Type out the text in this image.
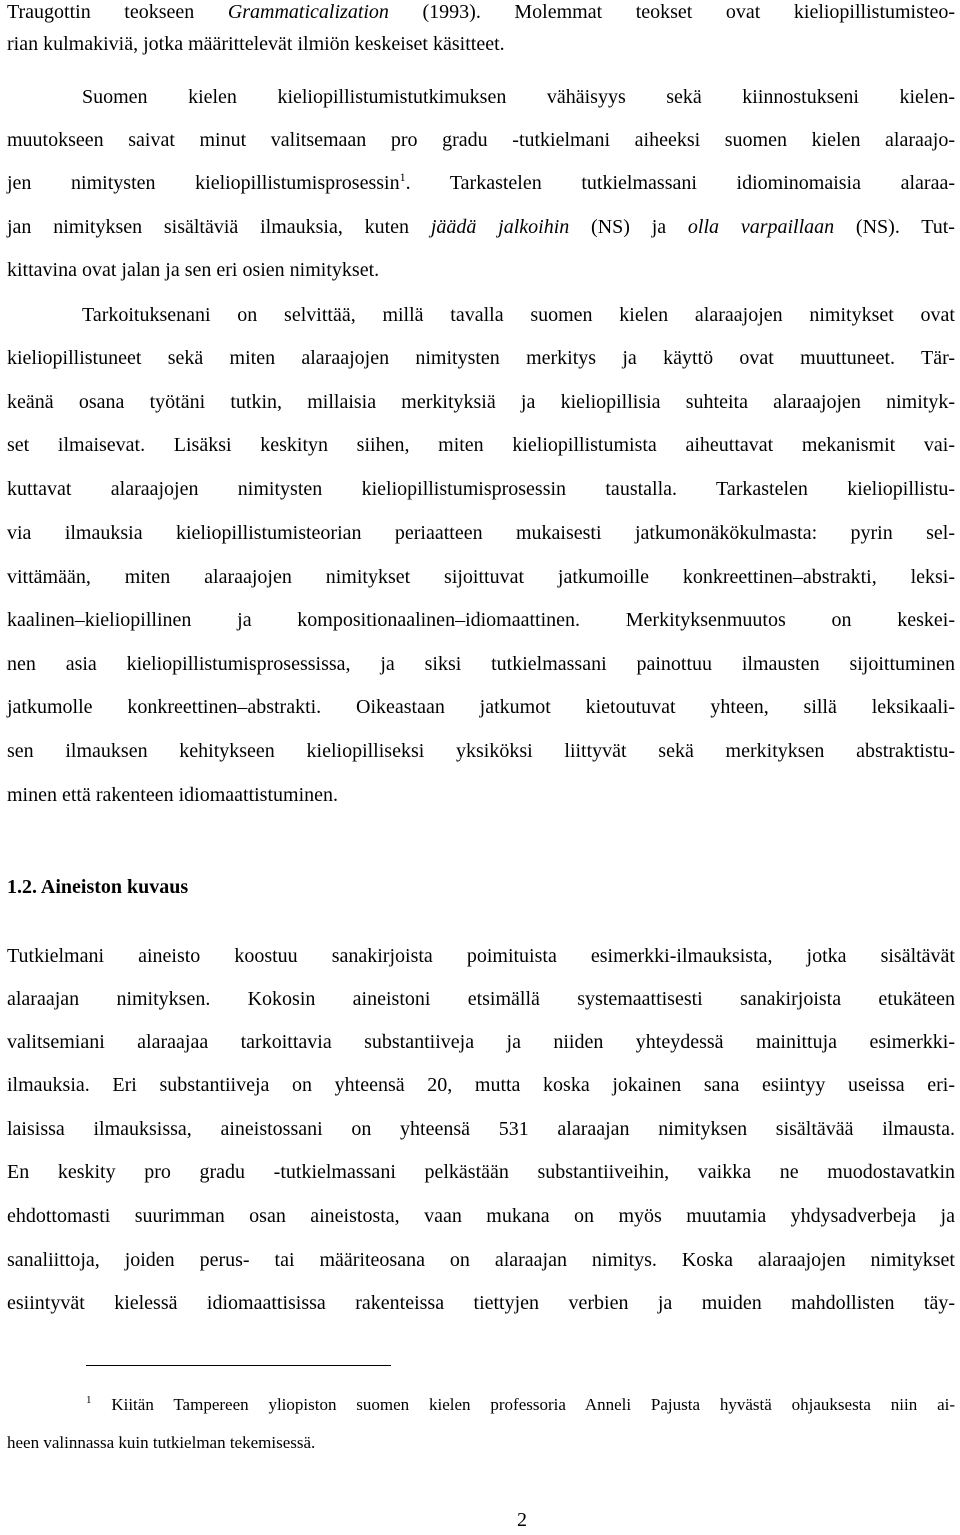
Traugottin teokseen Grammaticalization (1993). Molemmat teokset ovat kieliopillistumisteo-
rian kulmakiviä, jotka määrittelevät ilmiön keskeiset käsitteet.
Suomen kielen kieliopillistumistutkimuksen vähäisyys sekä kiinnostukseni kielen-
muutokseen saivat minut valitsemaan pro gradu -tutkielmani aiheeksi suomen kielen alaraajo-
jen nimitysten kieliopillistumisprosessin$^1$. Tarkastelen tutkielmassani idiominomaisia alaraa-
jan nimityksen sisältäviä ilmauksia, kuten jäädä jalkoihin (NS) ja olla varpaillaan (NS). Tut-
kittavina ovat jalan ja sen eri osien nimitykset.
Tarkoituksenani on selvittää, millä tavalla suomen kielen alaraajojen nimitykset ovat
kieliopillistuneet sekä miten alaraajojen nimitysten merkitys ja käyttö ovat muuttuneet. Tär-
keänä osana työtäni tutkin, millaisia merkityksiä ja kieliopillisia suhteita alaraajojen nimityk-
set ilmaisevat. Lisäksi keskityn siihen, miten kieliopillistumista aiheuttavat mekanismit vai-
kuttavat alaraajojen nimitysten kieliopillistumisprosessin taustalla. Tarkastelen kieliopillistu-
via ilmauksia kieliopillistumisteorian periaatteen mukaisesti jatkumonäkökulmasta: pyrin sel-
vittämään, miten alaraajojen nimitykset sijoittuvat jatkumoille konkreettinen–abstrakti, leksi-
kaalinen–kieliopillinen ja kompositionaalinen–idiomaattinen. Merkityksenmuutos on keskei-
nen asia kieliopillistumisprosessissa, ja siksi tutkielmassani painottuu ilmausten sijoittuminen
jatkumolle konkreettinen–abstrakti. Oikeastaan jatkumot kietoutuvat yhteen, sillä leksikaali-
sen ilmauksen kehitykseen kieliopilliseksi yksiköksi liittyvät sekä merkityksen abstraktistu-
minen että rakenteen idiomaattistuminen.
1.2. Aineiston kuvaus
Tutkielmani aineisto koostuu sanakirjoista poimituista esimerkki-ilmauksista, jotka sisältävät
alaraajan nimityksen. Kokosin aineistoni etsimällä systemaattisesti sanakirjoista etukäteen
valitsemiani alaraajaa tarkoittavia substantiiveja ja niiden yhteydessä mainittuja esimerkki-
ilmauksia. Eri substantiiveja on yhteensä 20, mutta koska jokainen sana esiintyy useissa eri-
laisissa ilmauksissa, aineistossani on yhteensä 531 alaraajan nimityksen sisältävää ilmausta.
En keskity pro gradu -tutkielmassani pelkästään substantiiveihin, vaikka ne muodostavatkin
ehdottomasti suurimman osan aineistosta, vaan mukana on myös muutamia yhdysadverbeja ja
sanaliittoja, joiden perus- tai määriteosana on alaraajan nimitys. Koska alaraajojen nimitykset
esiintyvät kielessä idiomaattisissa rakenteissa tiettyjen verbien ja muiden mahdollisten täy-
$^1$ Kiitän Tampereen yliopiston suomen kielen professoria Anneli Pajusta hyvästä ohjauksesta niin ai-
heen valinnassa kuin tutkielman tekemisessä.
2
